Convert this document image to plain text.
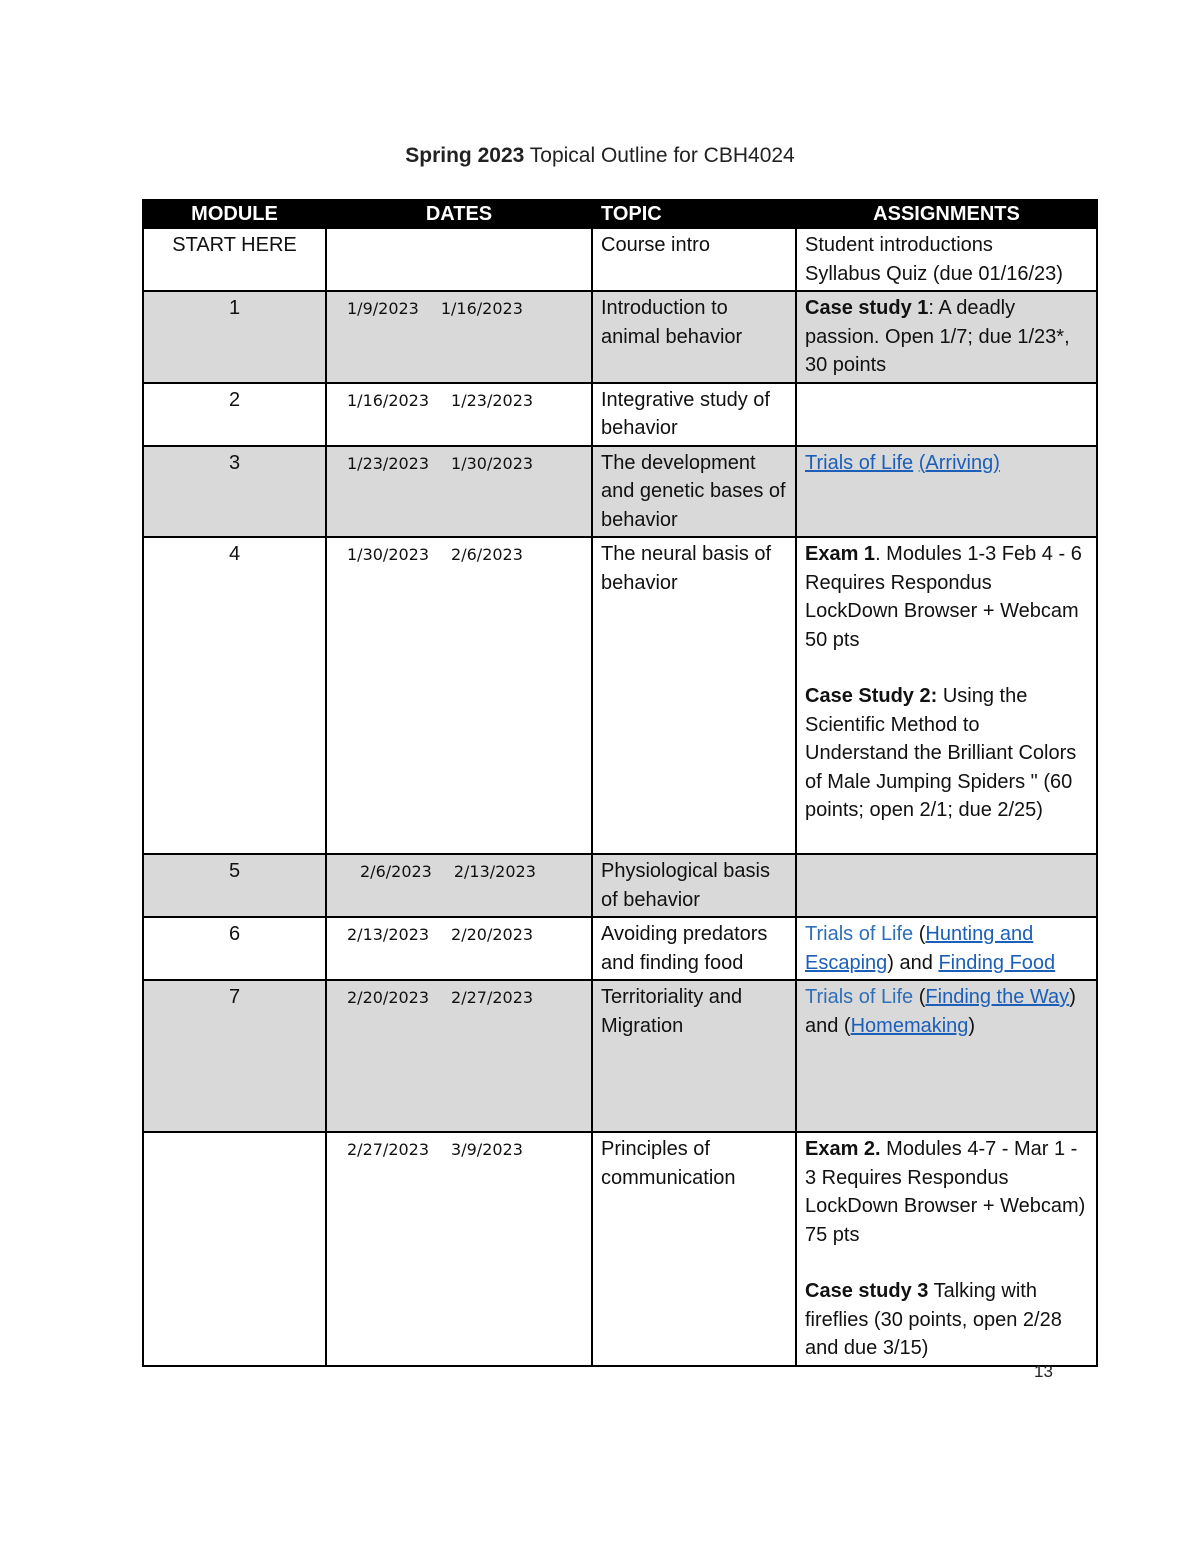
Spring 2023 Topical Outline for CBH4024
MODULE	DATES	TOPIC	ASSIGNMENTS
START HERE		Course intro	Student introductions
Syllabus Quiz (due 01/16/23)

1	1/9/2023 1/16/2023	Introduction to animal behavior	Case study 1: A deadly passion. Open 1/7; due 1/23*, 30 points
2	1/16/2023 1/23/2023	Integrative study of behavior	
3	1/23/2023 1/30/2023	The development and genetic bases of behavior	Trials of Life (Arriving)
4	1/30/2023 2/6/2023	The neural basis of behavior	Exam 1. Modules 1-3 Feb 4 - 6 Requires Respondus LockDown Browser + Webcam 50 pts
Case Study 2: Using the Scientific Method to Understand the Brilliant Colors of Male Jumping Spiders " (60 points; open 2/1; due 2/25)

5	2/6/2023 2/13/2023	Physiological basis of behavior	
6	2/13/2023 2/20/2023	Avoiding predators and finding food	Trials of Life (Hunting and Escaping) and Finding Food
7	2/20/2023 2/27/2023	Territoriality and Migration	Trials of Life (Finding the Way) and (Homemaking)
	2/27/2023 3/9/2023	Principles of communication	Exam 2. Modules 4-7 - Mar 1 - 3 Requires Respondus LockDown Browser + Webcam) 75 pts
Case study 3 Talking with fireflies (30 points, open 2/28 and due 3/15)
13
